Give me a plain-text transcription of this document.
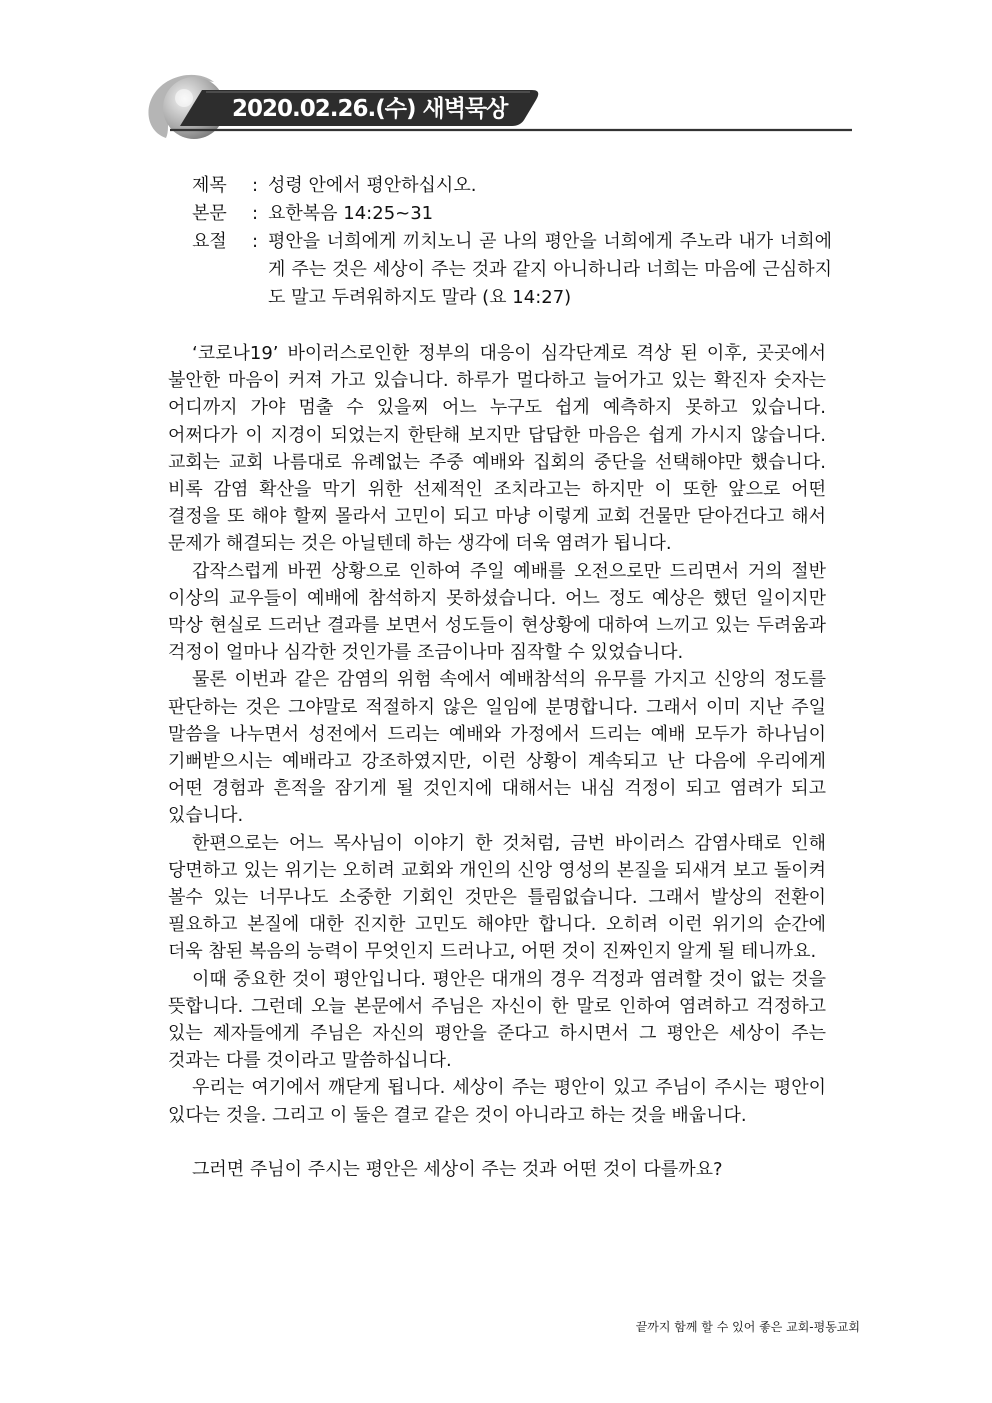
2020.02.26.(수) 새벽묵상
제목	: 성령 안에서 평안하십시오.
본문	: 요한복음 14:25~31
요절	: 평안을 너희에게 끼치노니 곧 나의 평안을 너희에게 주노라 내가 너희에게 주는 것은 세상이 주는 것과 같지 아니하니라 너희는 마음에 근심하지도 말고 두려워하지도 말라 (요 14:27)

‘코로나19’ 바이러스로인한 정부의 대응이 심각단계로 격상 된 이후, 곳곳에서 불안한 마음이 커져 가고 있습니다. 하루가 멀다하고 늘어가고 있는 확진자 숫자는 어디까지 가야 멈출 수 있을찌 어느 누구도 쉽게 예측하지 못하고 있습니다. 어쩌다가 이 지경이 되었는지 한탄해 보지만 답답한 마음은 쉽게 가시지 않습니다. 교회는 교회 나름대로 유례없는 주중 예배와 집회의 중단을 선택해야만 했습니다. 비록 감염 확산을 막기 위한 선제적인 조치라고는 하지만 이 또한 앞으로 어떤 결정을 또 해야 할찌 몰라서 고민이 되고 마냥 이렇게 교회 건물만 닫아건다고 해서 문제가 해결되는 것은 아닐텐데 하는 생각에 더욱 염려가 됩니다.

갑작스럽게 바뀐 상황으로 인하여 주일 예배를 오전으로만 드리면서 거의 절반 이상의 교우들이 예배에 참석하지 못하셨습니다. 어느 정도 예상은 했던 일이지만 막상 현실로 드러난 결과를 보면서 성도들이 현상황에 대하여 느끼고 있는 두려움과 걱정이 얼마나 심각한 것인가를 조금이나마 짐작할 수 있었습니다.

물론 이번과 같은 감염의 위험 속에서 예배참석의 유무를 가지고 신앙의 정도를 판단하는 것은 그야말로 적절하지 않은 일임에 분명합니다. 그래서 이미 지난 주일 말씀을 나누면서 성전에서 드리는 예배와 가정에서 드리는 예배 모두가 하나님이 기뻐받으시는 예배라고 강조하였지만, 이런 상황이 계속되고 난 다음에 우리에게 어떤 경험과 흔적을 잠기게 될 것인지에 대해서는 내심 걱정이 되고 염려가 되고 있습니다.

한편으로는 어느 목사님이 이야기 한 것처럼, 금번 바이러스 감염사태로 인해 당면하고 있는 위기는 오히려 교회와 개인의 신앙 영성의 본질을 되새겨 보고 돌이켜 볼수 있는 너무나도 소중한 기회인 것만은 틀림없습니다. 그래서 발상의 전환이 필요하고 본질에 대한 진지한 고민도 해야만 합니다. 오히려 이런 위기의 순간에 더욱 참된 복음의 능력이 무엇인지 드러나고, 어떤 것이 진짜인지 알게 될 테니까요.

이때 중요한 것이 평안입니다. 평안은 대개의 경우 걱정과 염려할 것이 없는 것을 뜻합니다. 그런데 오늘 본문에서 주님은 자신이 한 말로 인하여 염려하고 걱정하고 있는 제자들에게 주님은 자신의 평안을 준다고 하시면서 그 평안은 세상이 주는 것과는 다를 것이라고 말씀하십니다.

우리는 여기에서 깨닫게 됩니다. 세상이 주는 평안이 있고 주님이 주시는 평안이 있다는 것을. 그리고 이 둘은 결코 같은 것이 아니라고 하는 것을 배웁니다.

그러면 주님이 주시는 평안은 세상이 주는 것과 어떤 것이 다를까요?

끝까지 함께 할 수 있어 좋은 교회-평동교회
